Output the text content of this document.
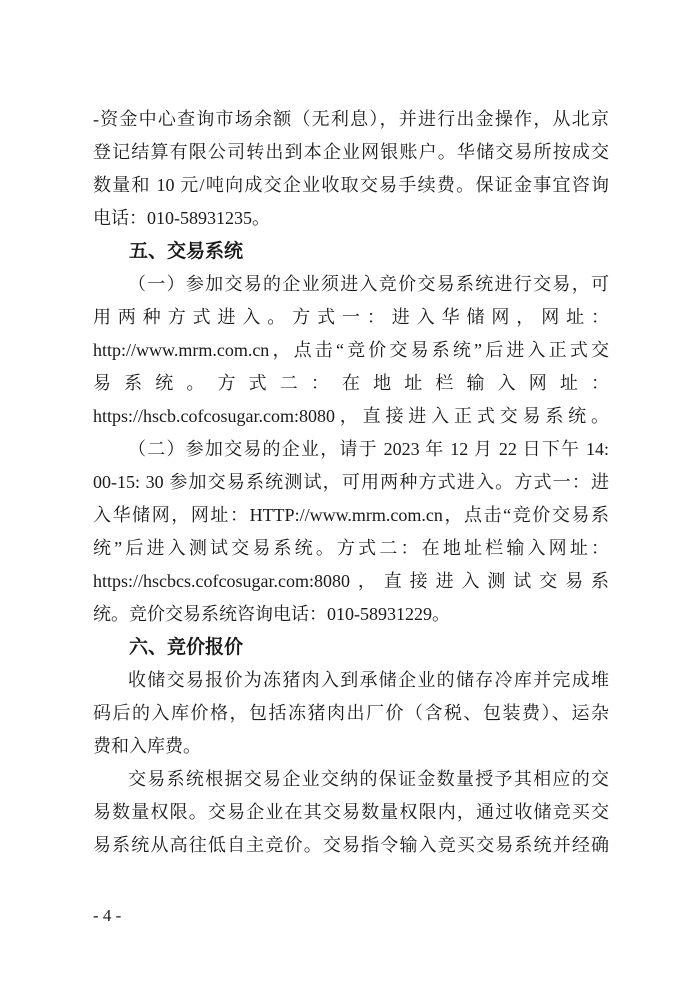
-资金中心查询市场余额（无利息），并进行出金操作，从北京
登记结算有限公司转出到本企业网银账户。华储交易所按成交
数量和 10 元/吨向成交企业收取交易手续费。保证金事宜咨询
电话：010-58931235。
五、交易系统
（一）参加交易的企业须进入竞价交易系统进行交易，可
用两种方式进入。方式一：进入华储网，网址：
http://www.mrm.com.cn，点击“竞价交易系统”后进入正式交
易系统。方式二：在地址栏输入网址：
https://hscb.cofcosugar.com:8080，直接进入正式交易系统。
（二）参加交易的企业，请于 2023 年 12 月 22 日下午 14:
00-15: 30 参加交易系统测试，可用两种方式进入。方式一：进
入华储网，网址：HTTP://www.mrm.com.cn，点击“竞价交易系
统”后进入测试交易系统。方式二：在地址栏输入网址：
https://hscbcs.cofcosugar.com:8080，直接进入测试交易系
统。竞价交易系统咨询电话：010-58931229。
六、竞价报价
收储交易报价为冻猪肉入到承储企业的储存冷库并完成堆
码后的入库价格，包括冻猪肉出厂价（含税、包装费）、运杂
费和入库费。
交易系统根据交易企业交纳的保证金数量授予其相应的交
易数量权限。交易企业在其交易数量权限内，通过收储竞买交
易系统从高往低自主竞价。交易指令输入竞买交易系统并经确
- 4 -
